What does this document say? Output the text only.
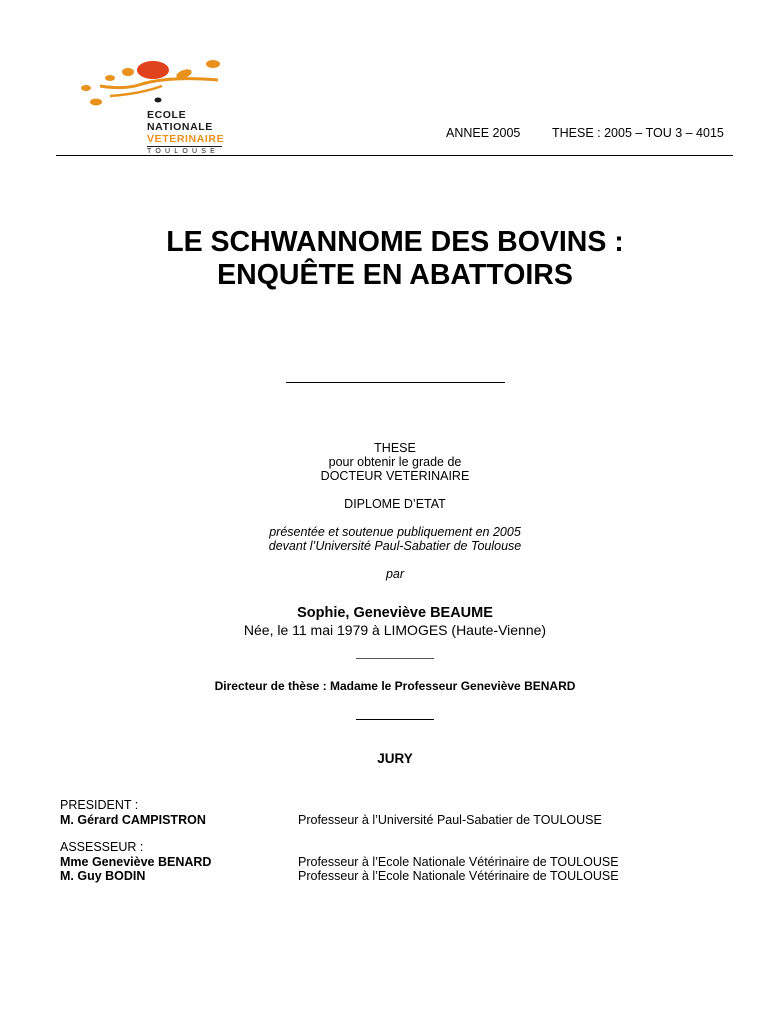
ECOLE
NATIONALE
VETERINAIRE
TOULOUSE
ANNEE 2005	THESE : 2005 – TOU 3 – 4015
LE SCHWANNOME DES BOVINS :
ENQUÊTE EN ABATTOIRS
THESE
pour obtenir le grade de
DOCTEUR VETERINAIRE
DIPLOME D’ETAT
présentée et soutenue publiquement en 2005
devant l’Université Paul-Sabatier de Toulouse
par
Sophie, Geneviève BEAUME
Née, le 11 mai 1979 à LIMOGES (Haute-Vienne)
Directeur de thèse : Madame le Professeur Geneviève BENARD
JURY
PRESIDENT :
M. Gérard CAMPISTRON	Professeur à l’Université Paul-Sabatier de TOULOUSE
ASSESSEUR :
Mme Geneviève BENARD	Professeur à l’Ecole Nationale Vétérinaire de TOULOUSE
M. Guy BODIN	Professeur à l’Ecole Nationale Vétérinaire de TOULOUSE
